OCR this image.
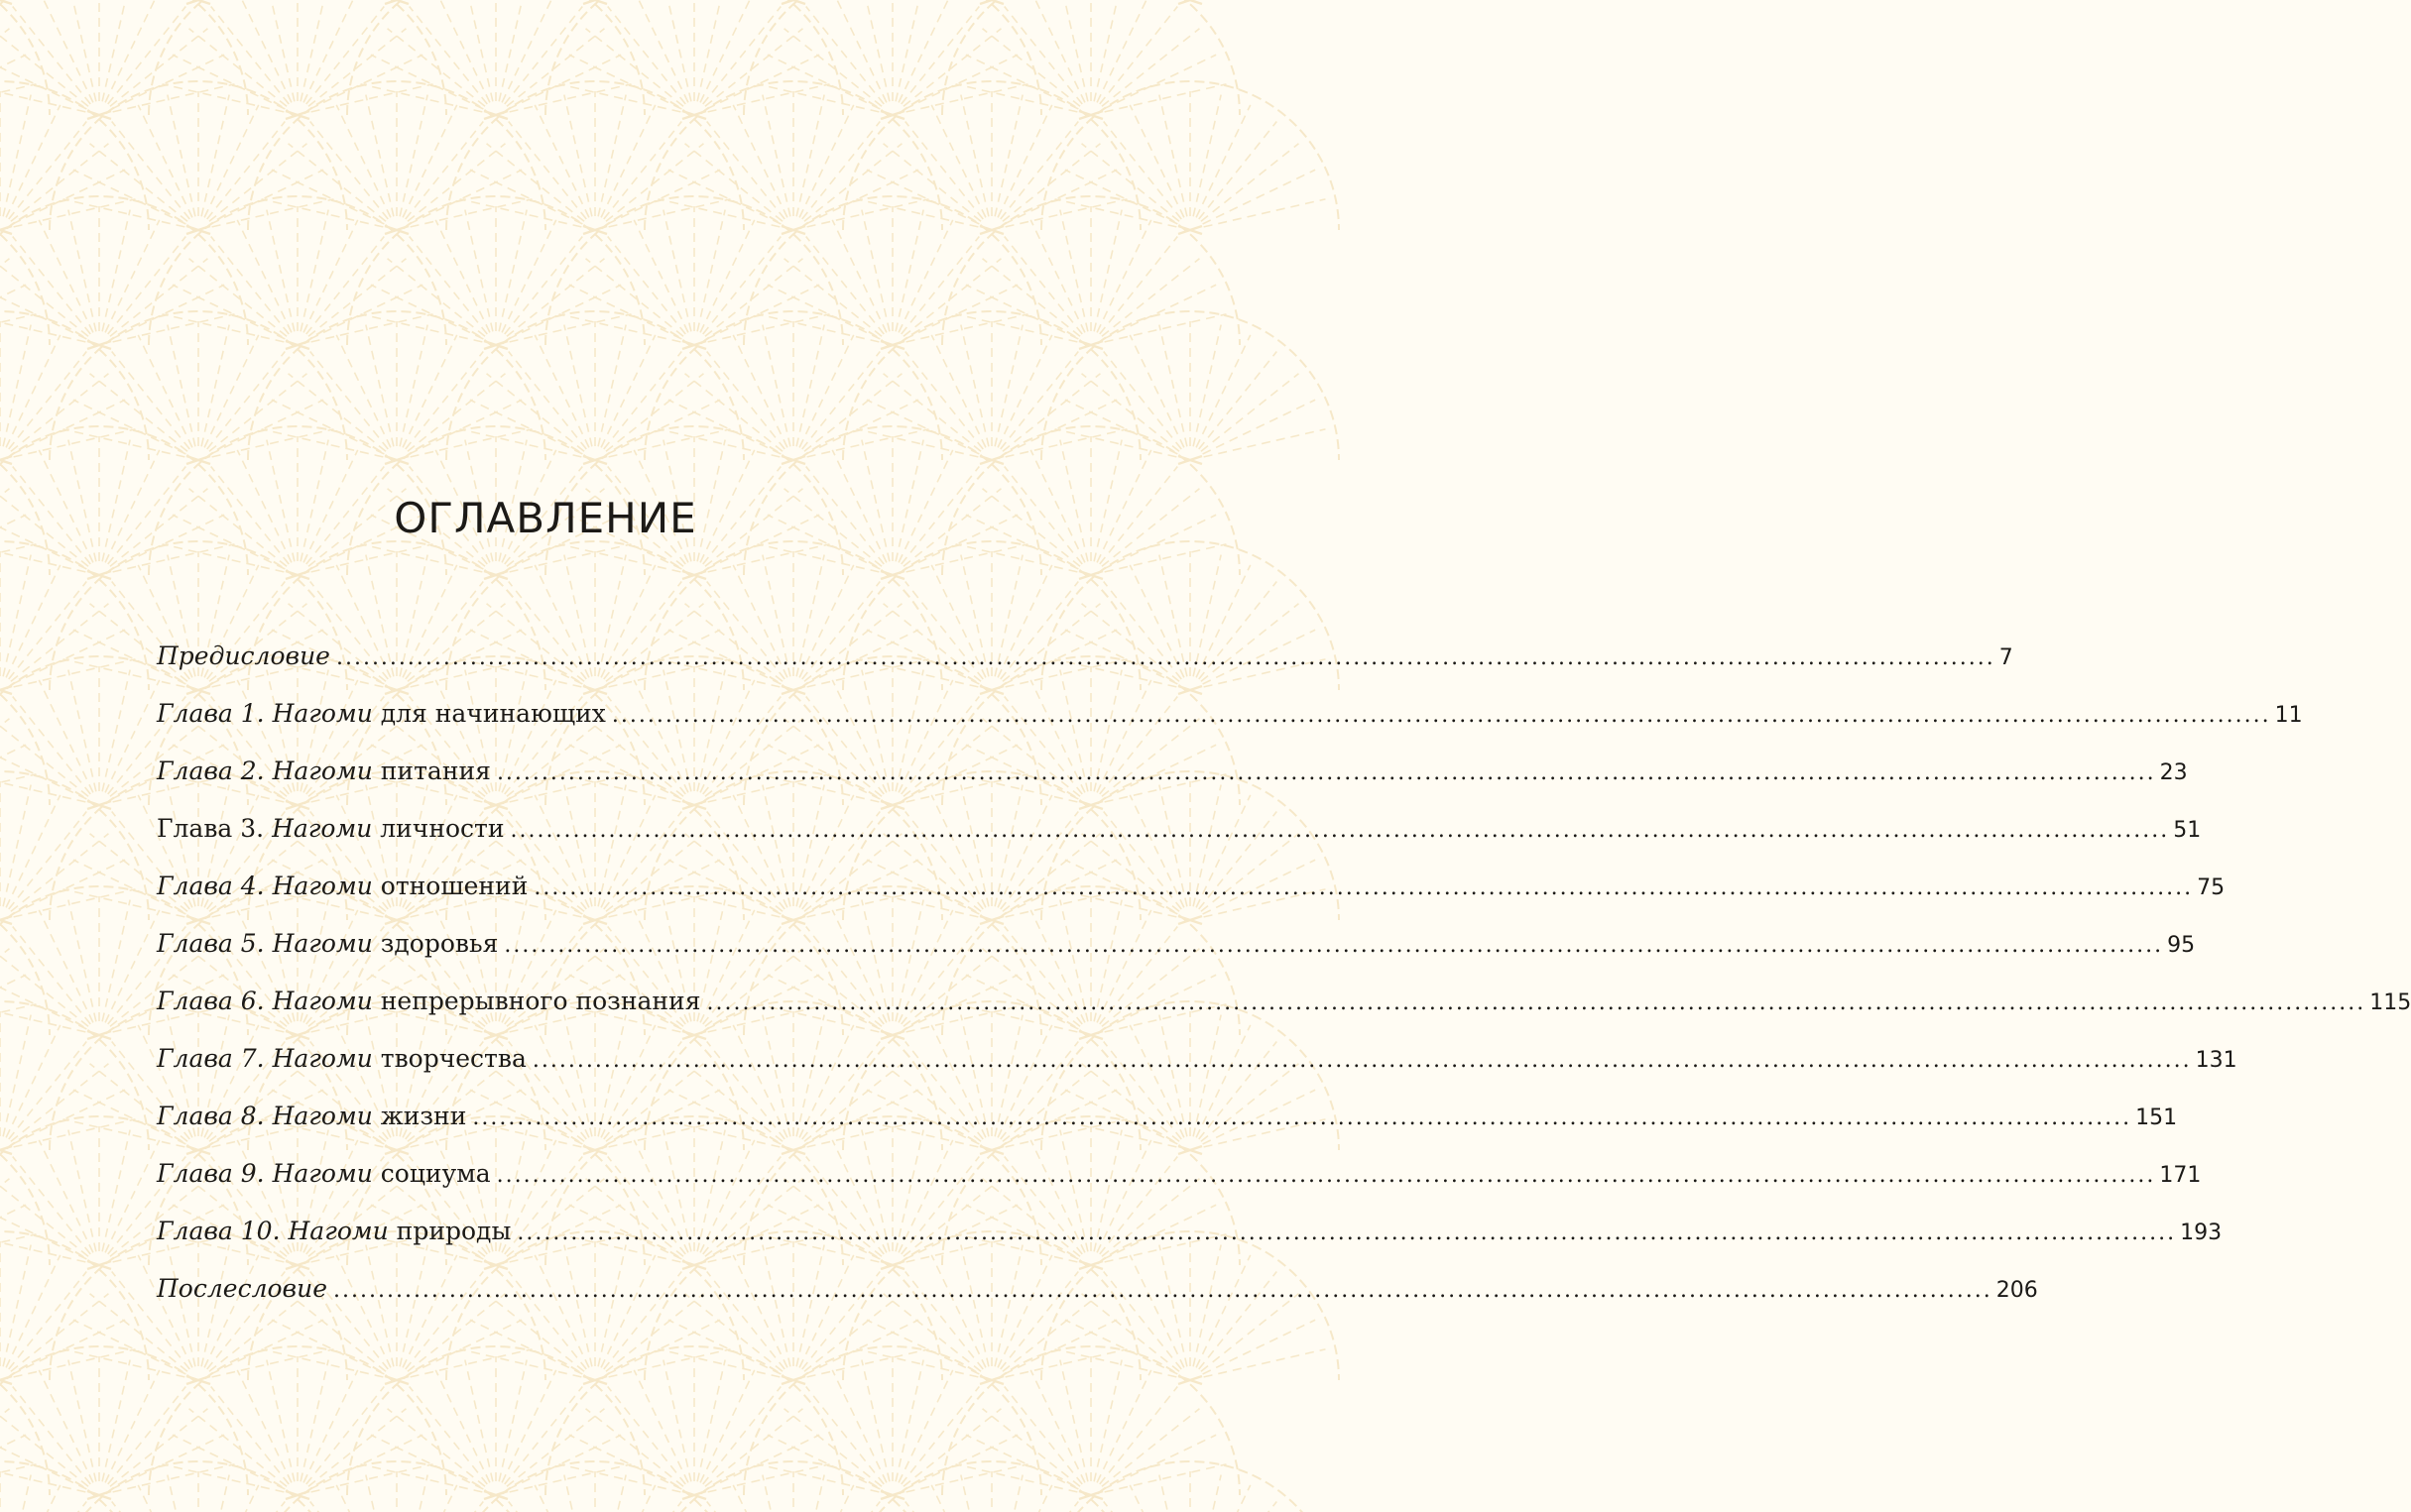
ОГЛАВЛЕНИЕ
Предисловие .......................................................................................................................................................................................... 7
Глава 1. Нагоми для начинающих .......................................................................................................................................................................................... 11
Глава 2. Нагоми питания .......................................................................................................................................................................................... 23
Глава 3. Нагоми личности .......................................................................................................................................................................................... 51
Глава 4. Нагоми отношений .......................................................................................................................................................................................... 75
Глава 5. Нагоми здоровья .......................................................................................................................................................................................... 95
Глава 6. Нагоми непрерывного познания .......................................................................................................................................................................................... 115
Глава 7. Нагоми творчества .......................................................................................................................................................................................... 131
Глава 8. Нагоми жизни .......................................................................................................................................................................................... 151
Глава 9. Нагоми социума .......................................................................................................................................................................................... 171
Глава 10. Нагоми природы .......................................................................................................................................................................................... 193
Послесловие .......................................................................................................................................................................................... 206
